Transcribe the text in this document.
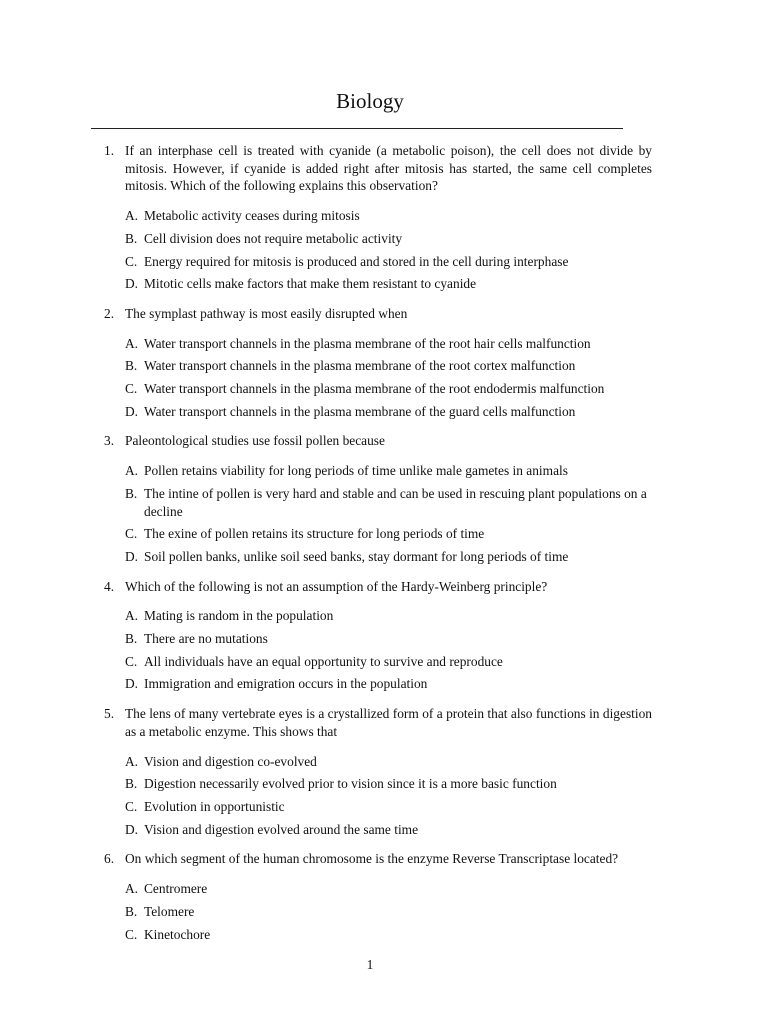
Biology
1. If an interphase cell is treated with cyanide (a metabolic poison), the cell does not divide by mitosis. However, if cyanide is added right after mitosis has started, the same cell completes mitosis. Which of the following explains this observation?
A. Metabolic activity ceases during mitosis
B. Cell division does not require metabolic activity
C. Energy required for mitosis is produced and stored in the cell during interphase
D. Mitotic cells make factors that make them resistant to cyanide
2. The symplast pathway is most easily disrupted when
A. Water transport channels in the plasma membrane of the root hair cells malfunction
B. Water transport channels in the plasma membrane of the root cortex malfunction
C. Water transport channels in the plasma membrane of the root endodermis malfunction
D. Water transport channels in the plasma membrane of the guard cells malfunction
3. Paleontological studies use fossil pollen because
A. Pollen retains viability for long periods of time unlike male gametes in animals
B. The intine of pollen is very hard and stable and can be used in rescuing plant populations on a decline
C. The exine of pollen retains its structure for long periods of time
D. Soil pollen banks, unlike soil seed banks, stay dormant for long periods of time
4. Which of the following is not an assumption of the Hardy-Weinberg principle?
A. Mating is random in the population
B. There are no mutations
C. All individuals have an equal opportunity to survive and reproduce
D. Immigration and emigration occurs in the population
5. The lens of many vertebrate eyes is a crystallized form of a protein that also functions in digestion as a metabolic enzyme. This shows that
A. Vision and digestion co-evolved
B. Digestion necessarily evolved prior to vision since it is a more basic function
C. Evolution in opportunistic
D. Vision and digestion evolved around the same time
6. On which segment of the human chromosome is the enzyme Reverse Transcriptase located?
A. Centromere
B. Telomere
C. Kinetochore
1
